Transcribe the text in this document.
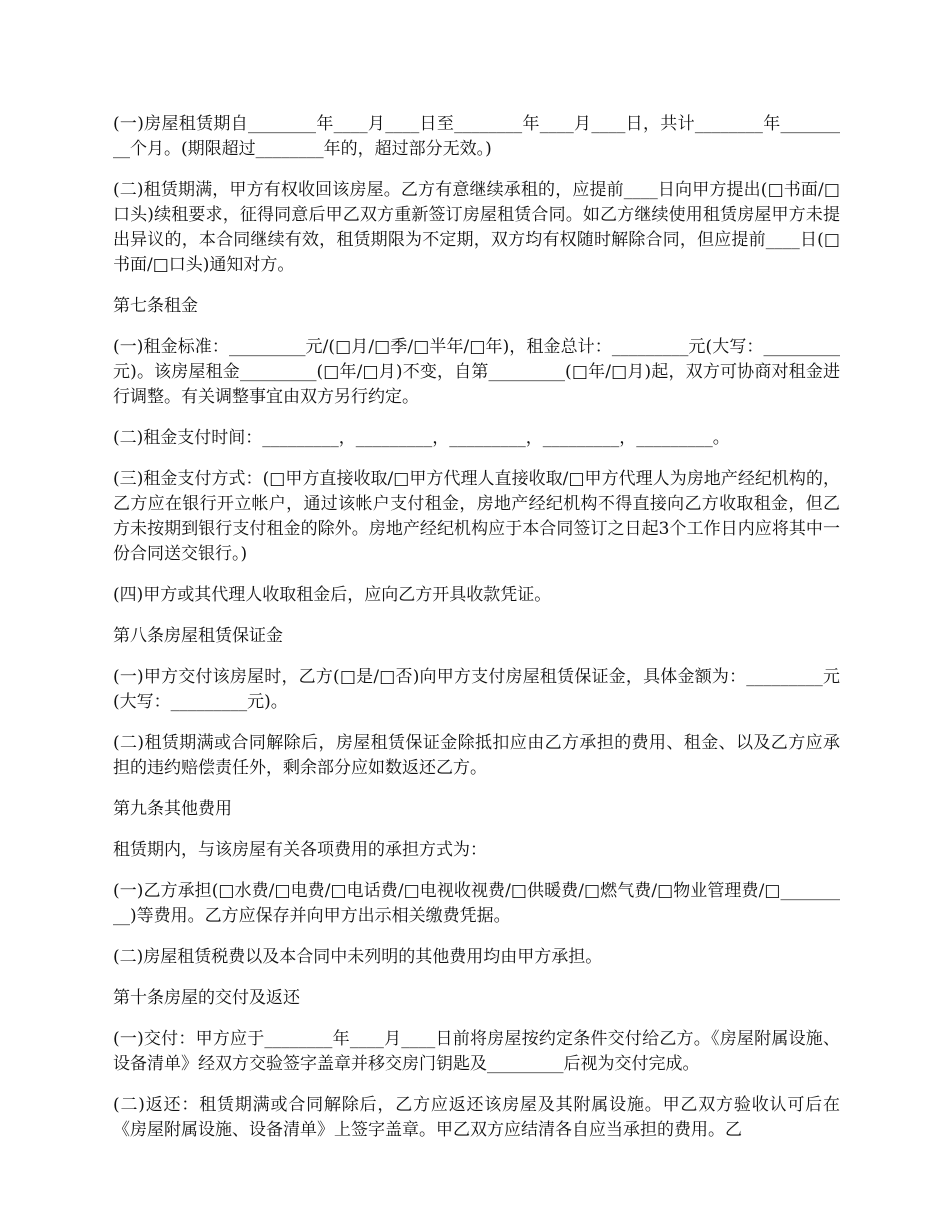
(一)房屋租赁期自________年____月____日至________年____月____日，共计________年_________个月。(期限超过________年的，超过部分无效。)

(二)租赁期满，甲方有权收回该房屋。乙方有意继续承租的，应提前____日向甲方提出(□书面/□口头)续租要求，征得同意后甲乙双方重新签订房屋租赁合同。如乙方继续使用租赁房屋甲方未提出异议的，本合同继续有效，租赁期限为不定期，双方均有权随时解除合同，但应提前____日(□书面/□口头)通知对方。

第七条租金

(一)租金标准：_________元/(□月/□季/□半年/□年)，租金总计：_________元(大写：_________元)。该房屋租金_________(□年/□月)不变，自第_________(□年/□月)起，双方可协商对租金进行调整。有关调整事宜由双方另行约定。

(二)租金支付时间：_________，_________，_________，_________，_________。

(三)租金支付方式：(□甲方直接收取/□甲方代理人直接收取/□甲方代理人为房地产经纪机构的，乙方应在银行开立帐户，通过该帐户支付租金，房地产经纪机构不得直接向乙方收取租金，但乙方未按期到银行支付租金的除外。房地产经纪机构应于本合同签订之日起3个工作日内应将其中一份合同送交银行。)

(四)甲方或其代理人收取租金后，应向乙方开具收款凭证。

第八条房屋租赁保证金

(一)甲方交付该房屋时，乙方(□是/□否)向甲方支付房屋租赁保证金，具体金额为：_________元(大写：_________元)。

(二)租赁期满或合同解除后，房屋租赁保证金除抵扣应由乙方承担的费用、租金、以及乙方应承担的违约赔偿责任外，剩余部分应如数返还乙方。

第九条其他费用

租赁期内，与该房屋有关各项费用的承担方式为：

(一)乙方承担(□水费/□电费/□电话费/□电视收视费/□供暖费/□燃气费/□物业管理费/□_________)等费用。乙方应保存并向甲方出示相关缴费凭据。

(二)房屋租赁税费以及本合同中未列明的其他费用均由甲方承担。

第十条房屋的交付及返还

(一)交付：甲方应于________年____月____日前将房屋按约定条件交付给乙方。《房屋附属设施、设备清单》经双方交验签字盖章并移交房门钥匙及_________后视为交付完成。

(二)返还：租赁期满或合同解除后，乙方应返还该房屋及其附属设施。甲乙双方验收认可后在《房屋附属设施、设备清单》上签字盖章。甲乙双方应结清各自应当承担的费用。乙
